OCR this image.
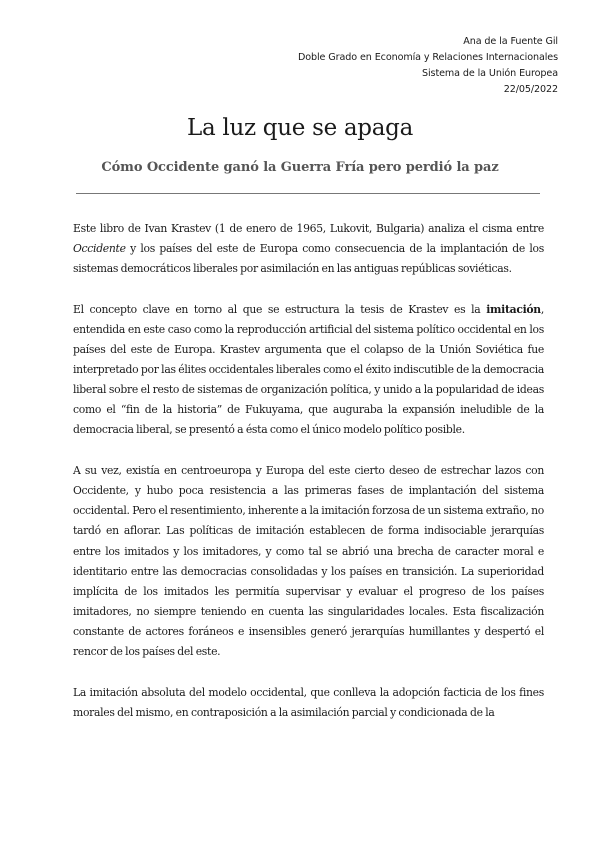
Ana de la Fuente Gil
Doble Grado en Economía y Relaciones Internacionales
Sistema de la Unión Europea
22/05/2022
La luz que se apaga
Cómo Occidente ganó la Guerra Fría pero perdió la paz

Este libro de Ivan Krastev (1 de enero de 1965, Lukovit, Bulgaria) analiza el cisma entre Occidente y los países del este de Europa como consecuencia de la implantación de los sistemas democráticos liberales por asimilación en las antiguas repúblicas soviéticas.

El concepto clave en torno al que se estructura la tesis de Krastev es la imitación, entendida en este caso como la reproducción artificial del sistema político occidental en los países del este de Europa. Krastev argumenta que el colapso de la Unión Soviética fue interpretado por las élites occidentales liberales como el éxito indiscutible de la democracia liberal sobre el resto de sistemas de organización política, y unido a la popularidad de ideas como el “fin de la historia” de Fukuyama, que auguraba la expansión ineludible de la democracia liberal, se presentó a ésta como el único modelo político posible.

A su vez, existía en centroeuropa y Europa del este cierto deseo de estrechar lazos con Occidente, y hubo poca resistencia a las primeras fases de implantación del sistema occidental. Pero el resentimiento, inherente a la imitación forzosa de un sistema extraño, no tardó en aflorar. Las políticas de imitación establecen de forma indisociable jerarquías entre los imitados y los imitadores, y como tal se abrió una brecha de caracter moral e identitario entre las democracias consolidadas y los países en transición. La superioridad implícita de los imitados les permitía supervisar y evaluar el progreso de los países imitadores, no siempre teniendo en cuenta las singularidades locales. Esta fiscalización constante de actores foráneos e insensibles generó jerarquías humillantes y despertó el rencor de los países del este.

La imitación absoluta del modelo occidental, que conlleva la adopción facticia de los fines morales del mismo, en contraposición a la asimilación parcial y condicionada de la
